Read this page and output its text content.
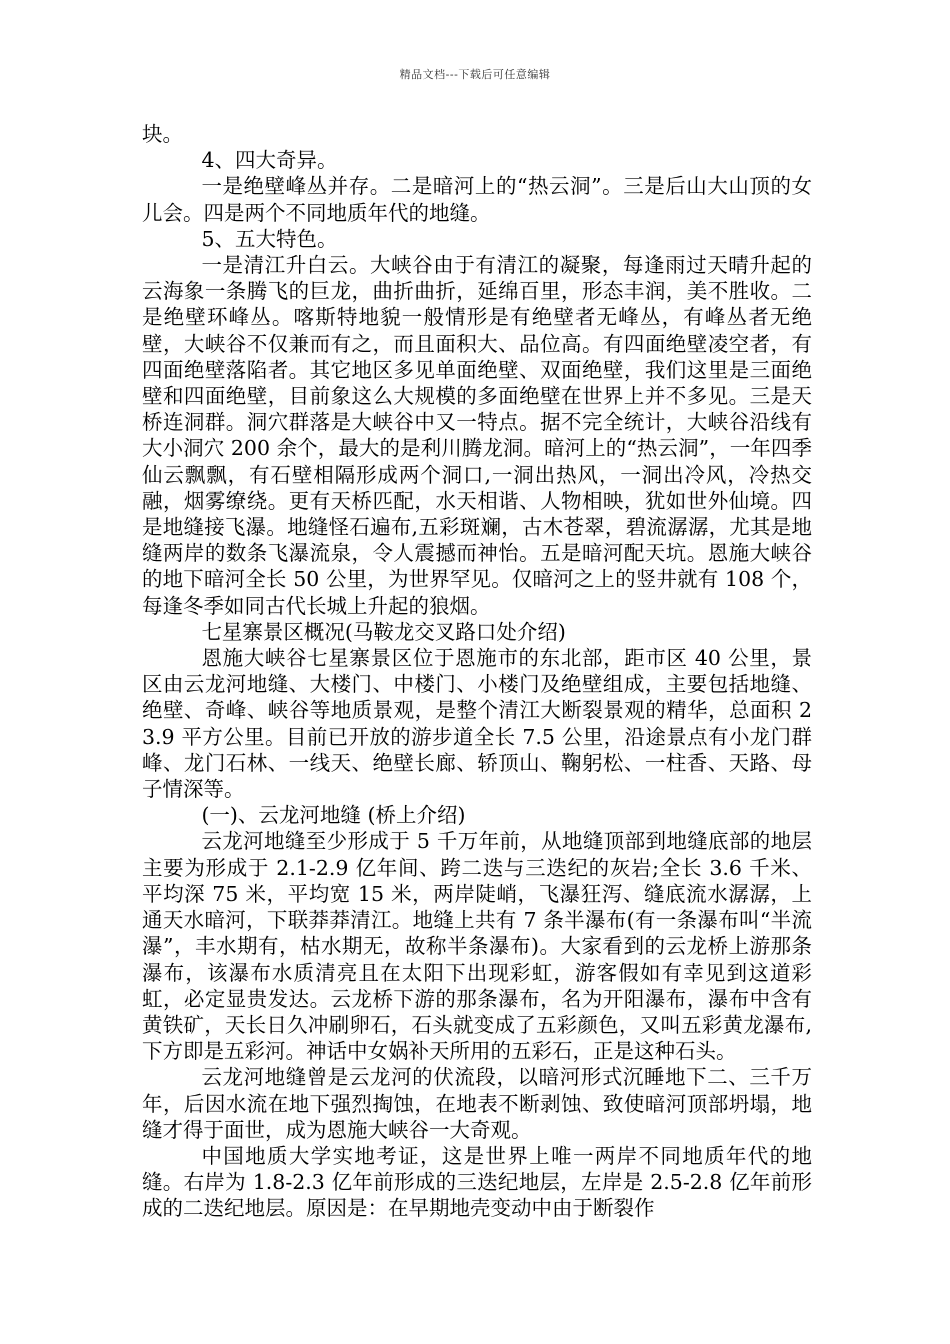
精品文档---下载后可任意编辑

块。

4、四大奇异。

一是绝壁峰丛并存。二是暗河上的“热云洞”。三是后山大山顶的女儿会。四是两个不同地质年代的地缝。

5、五大特色。

一是清江升白云。大峡谷由于有清江的凝聚，每逢雨过天晴升起的云海象一条腾飞的巨龙，曲折曲折，延绵百里，形态丰润，美不胜收。二是绝壁环峰丛。喀斯特地貌一般情形是有绝壁者无峰丛，有峰丛者无绝壁，大峡谷不仅兼而有之，而且面积大、品位高。有四面绝壁凌空者，有四面绝壁落陷者。其它地区多见单面绝壁、双面绝壁，我们这里是三面绝壁和四面绝壁，目前象这么大规模的多面绝壁在世界上并不多见。三是天桥连洞群。洞穴群落是大峡谷中又一特点。据不完全统计，大峡谷沿线有大小洞穴 200 余个，最大的是利川腾龙洞。暗河上的“热云洞”，一年四季仙云飘飘，有石壁相隔形成两个洞口,一洞出热风，一洞出冷风，冷热交融，烟雾缭绕。更有天桥匹配，水天相谐、人物相映，犹如世外仙境。四是地缝接飞瀑。地缝怪石遍布,五彩斑斓，古木苍翠，碧流潺潺，尤其是地缝两岸的数条飞瀑流泉，令人震撼而神怡。五是暗河配天坑。恩施大峡谷的地下暗河全长 50 公里，为世界罕见。仅暗河之上的竖井就有 108 个，每逢冬季如同古代长城上升起的狼烟。

七星寨景区概况(马鞍龙交叉路口处介绍)

恩施大峡谷七星寨景区位于恩施市的东北部，距市区 40 公里，景区由云龙河地缝、大楼门、中楼门、小楼门及绝壁组成，主要包括地缝、绝壁、奇峰、峡谷等地质景观，是整个清江大断裂景观的精华，总面积 23.9 平方公里。目前已开放的游步道全长 7.5 公里，沿途景点有小龙门群峰、龙门石林、一线天、绝壁长廊、轿顶山、鞠躬松、一柱香、天路、母子情深等。

(一)、云龙河地缝 (桥上介绍)

云龙河地缝至少形成于 5 千万年前，从地缝顶部到地缝底部的地层主要为形成于 2.1-2.9 亿年间、跨二迭与三迭纪的灰岩;全长 3.6 千米、平均深 75 米，平均宽 15 米，两岸陡峭，飞瀑狂泻、缝底流水潺潺，上通天水暗河，下联莽莽清江。地缝上共有 7 条半瀑布(有一条瀑布叫“半流瀑”，丰水期有，枯水期无，故称半条瀑布)。大家看到的云龙桥上游那条瀑布，该瀑布水质清亮且在太阳下出现彩虹，游客假如有幸见到这道彩虹，必定显贵发达。云龙桥下游的那条瀑布，名为开阳瀑布，瀑布中含有黄铁矿，天长日久冲刷卵石，石头就变成了五彩颜色，又叫五彩黄龙瀑布,下方即是五彩河。神话中女娲补天所用的五彩石，正是这种石头。

云龙河地缝曾是云龙河的伏流段，以暗河形式沉睡地下二、三千万年，后因水流在地下强烈掏蚀，在地表不断剥蚀、致使暗河顶部坍塌，地缝才得于面世，成为恩施大峡谷一大奇观。

中国地质大学实地考证，这是世界上唯一两岸不同地质年代的地缝。右岸为 1.8-2.3 亿年前形成的三迭纪地层，左岸是 2.5-2.8 亿年前形成的二迭纪地层。原因是：在早期地壳变动中由于断裂作
